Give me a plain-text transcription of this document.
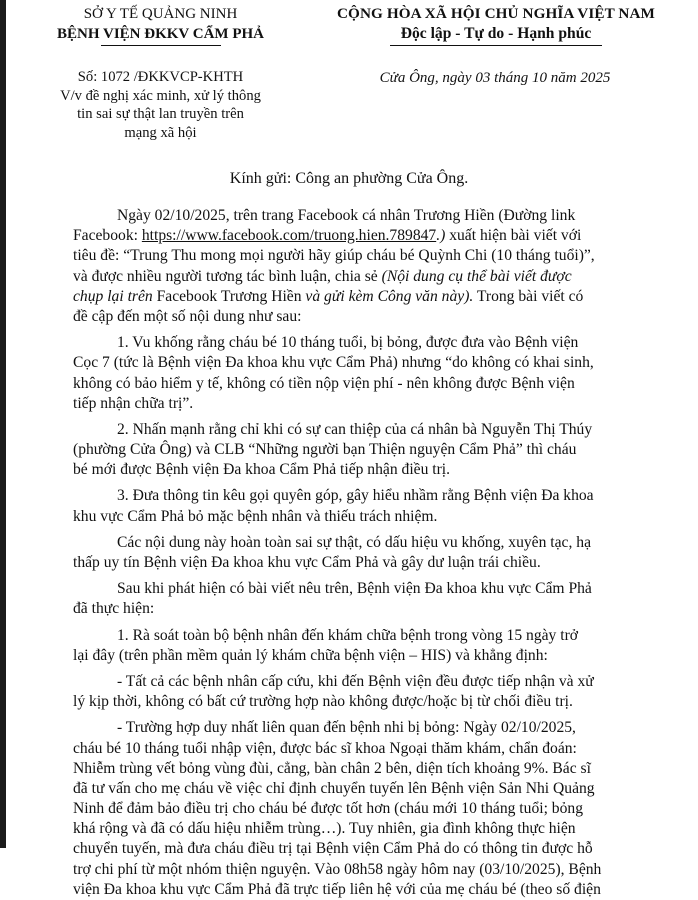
SỞ Y TẾ QUẢNG NINH
BỆNH VIỆN ĐKKV CẨM PHẢ
CỘNG HÒA XÃ HỘI CHỦ NGHĨA VIỆT NAM
Độc lập - Tự do - Hạnh phúc
Số: 1072 /ĐKKVCP-KHTH
V/v đề nghị xác minh, xử lý thông
tin sai sự thật lan truyền trên
mạng xã hội
Cửa Ông, ngày 03 tháng 10 năm 2025
Kính gửi: Công an phường Cửa Ông.
Ngày 02/10/2025, trên trang Facebook cá nhân Trương Hiền (Đường link
Facebook: https://www.facebook.com/truong.hien.789847.) xuất hiện bài viết với
tiêu đề: “Trung Thu mong mọi người hãy giúp cháu bé Quỳnh Chi (10 tháng tuổi)”,
và được nhiều người tương tác bình luận, chia sẻ (Nội dung cụ thể bài viết được
chụp lại trên Facebook Trương Hiền và gửi kèm Công văn này). Trong bài viết có
đề cập đến một số nội dung như sau:
1. Vu khống rằng cháu bé 10 tháng tuổi, bị bỏng, được đưa vào Bệnh viện
Cọc 7 (tức là Bệnh viện Đa khoa khu vực Cẩm Phả) nhưng “do không có khai sinh,
không có bảo hiểm y tế, không có tiền nộp viện phí - nên không được Bệnh viện
tiếp nhận chữa trị”.
2. Nhấn mạnh rằng chỉ khi có sự can thiệp của cá nhân bà Nguyễn Thị Thúy
(phường Cửa Ông) và CLB “Những người bạn Thiện nguyện Cẩm Phả” thì cháu
bé mới được Bệnh viện Đa khoa Cẩm Phả tiếp nhận điều trị.
3. Đưa thông tin kêu gọi quyên góp, gây hiểu nhầm rằng Bệnh viện Đa khoa
khu vực Cẩm Phả bỏ mặc bệnh nhân và thiếu trách nhiệm.
Các nội dung này hoàn toàn sai sự thật, có dấu hiệu vu khống, xuyên tạc, hạ
thấp uy tín Bệnh viện Đa khoa khu vực Cẩm Phả và gây dư luận trái chiều.
Sau khi phát hiện có bài viết nêu trên, Bệnh viện Đa khoa khu vực Cẩm Phả
đã thực hiện:
1. Rà soát toàn bộ bệnh nhân đến khám chữa bệnh trong vòng 15 ngày trở
lại đây (trên phần mềm quản lý khám chữa bệnh viện – HIS) và khẳng định:
- Tất cả các bệnh nhân cấp cứu, khi đến Bệnh viện đều được tiếp nhận và xử
lý kịp thời, không có bất cứ trường hợp nào không được/hoặc bị từ chối điều trị.
- Trường hợp duy nhất liên quan đến bệnh nhi bị bỏng: Ngày 02/10/2025,
cháu bé 10 tháng tuổi nhập viện, được bác sĩ khoa Ngoại thăm khám, chẩn đoán:
Nhiễm trùng vết bỏng vùng đùi, cẳng, bàn chân 2 bên, diện tích khoảng 9%. Bác sĩ
đã tư vấn cho mẹ cháu về việc chỉ định chuyển tuyến lên Bệnh viện Sản Nhi Quảng
Ninh để đảm bảo điều trị cho cháu bé được tốt hơn (cháu mới 10 tháng tuổi; bỏng
khá rộng và đã có dấu hiệu nhiễm trùng…). Tuy nhiên, gia đình không thực hiện
chuyển tuyến, mà đưa cháu điều trị tại Bệnh viện Cẩm Phả do có thông tin được hỗ
trợ chi phí từ một nhóm thiện nguyện. Vào 08h58 ngày hôm nay (03/10/2025), Bệnh
viện Đa khoa khu vực Cẩm Phả đã trực tiếp liên hệ với của mẹ cháu bé (theo số điện
